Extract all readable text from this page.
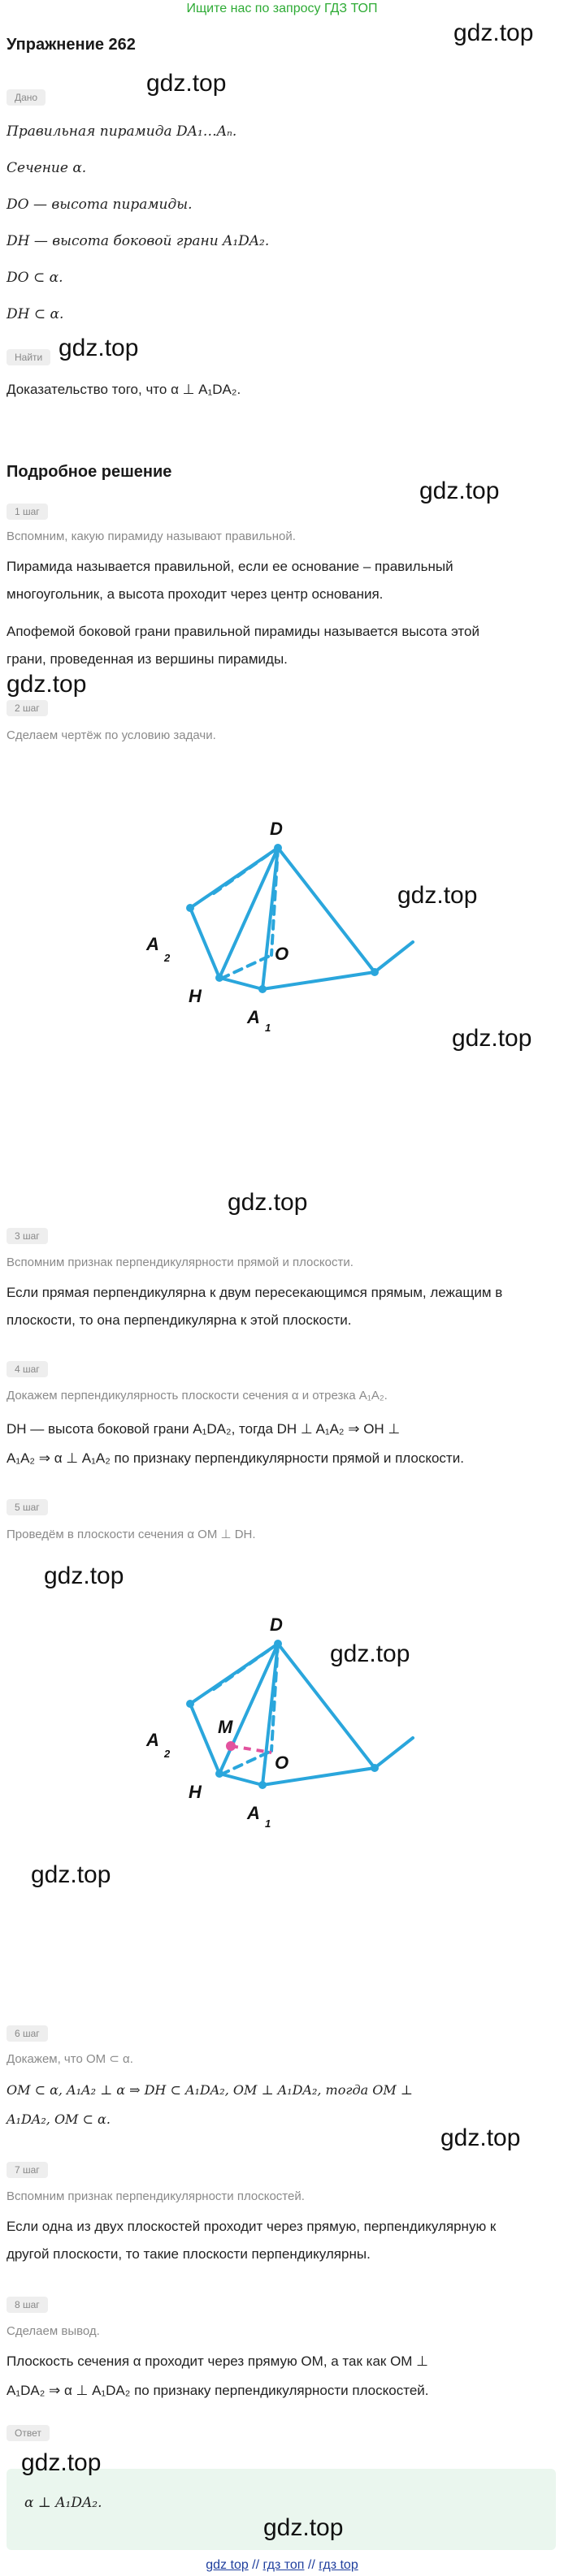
Ищите нас по запросу ГДЗ ТОП
Упражнение 262	gdz.top
Дано
gdz.top
Правильная пирамида DA₁…Aₙ.
Сечение α.
DO — высота пирамиды.
DH — высота боковой грани A₁DA₂.
DO ⊂ α.
DH ⊂ α.
Найти gdz.top
Доказательство того, что α ⊥ A₁DA₂.
Подробное решение
gdz.top
1 шаг
Вспомним, какую пирамиду называют правильной.
Пирамида называется правильной, если ее основание – правильный
многоугольник, а высота проходит через центр основания.
Апофемой боковой грани правильной пирамиды называется высота этой
грани, проведенная из вершины пирамиды.
2 шаг
gdz.top
Сделаем чертёж по условию задачи.
D
A
2
H
O
A
1
gdz.top
gdz.top
gdz.top
3 шаг
Вспомним признак перпендикулярности прямой и плоскости.
Если прямая перпендикулярна к двум пересекающимся прямым, лежащим в
плоскости, то она перпендикулярна к этой плоскости.
4 шаг
Докажем перпендикулярность плоскости сечения α и отрезка A₁A₂.
DH — высота боковой грани A₁DA₂, тогда DH ⊥ A₁A₂ ⇒ OH ⊥
A₁A₂ ⇒ α ⊥ A₁A₂ по признаку перпендикулярности прямой и плоскости.
5 шаг
Проведём в плоскости сечения α OM ⊥ DH.
gdz.top
D
M
A
2
H
O
A
1
gdz.top
gdz.top
6 шаг
Докажем, что OM ⊂ α.
OM ⊂ α, A₁A₂ ⊥ α ⇒ DH ⊂ A₁DA₂, OM ⊥ A₁DA₂, тогда OM ⊥
A₁DA₂, OM ⊂ α.
gdz.top
7 шаг
Вспомним признак перпендикулярности плоскостей.
Если одна из двух плоскостей проходит через прямую, перпендикулярную к
другой плоскости, то такие плоскости перпендикулярны.
8 шаг
Сделаем вывод.
Плоскость сечения α проходит через прямую OM, а так как OM ⊥
A₁DA₂ ⇒ α ⊥ A₁DA₂ по признаку перпендикулярности плоскостей.
Ответ
gdz.top
α ⊥ A₁DA₂.
gdz.top
gdz top // гдз топ // гдз top
